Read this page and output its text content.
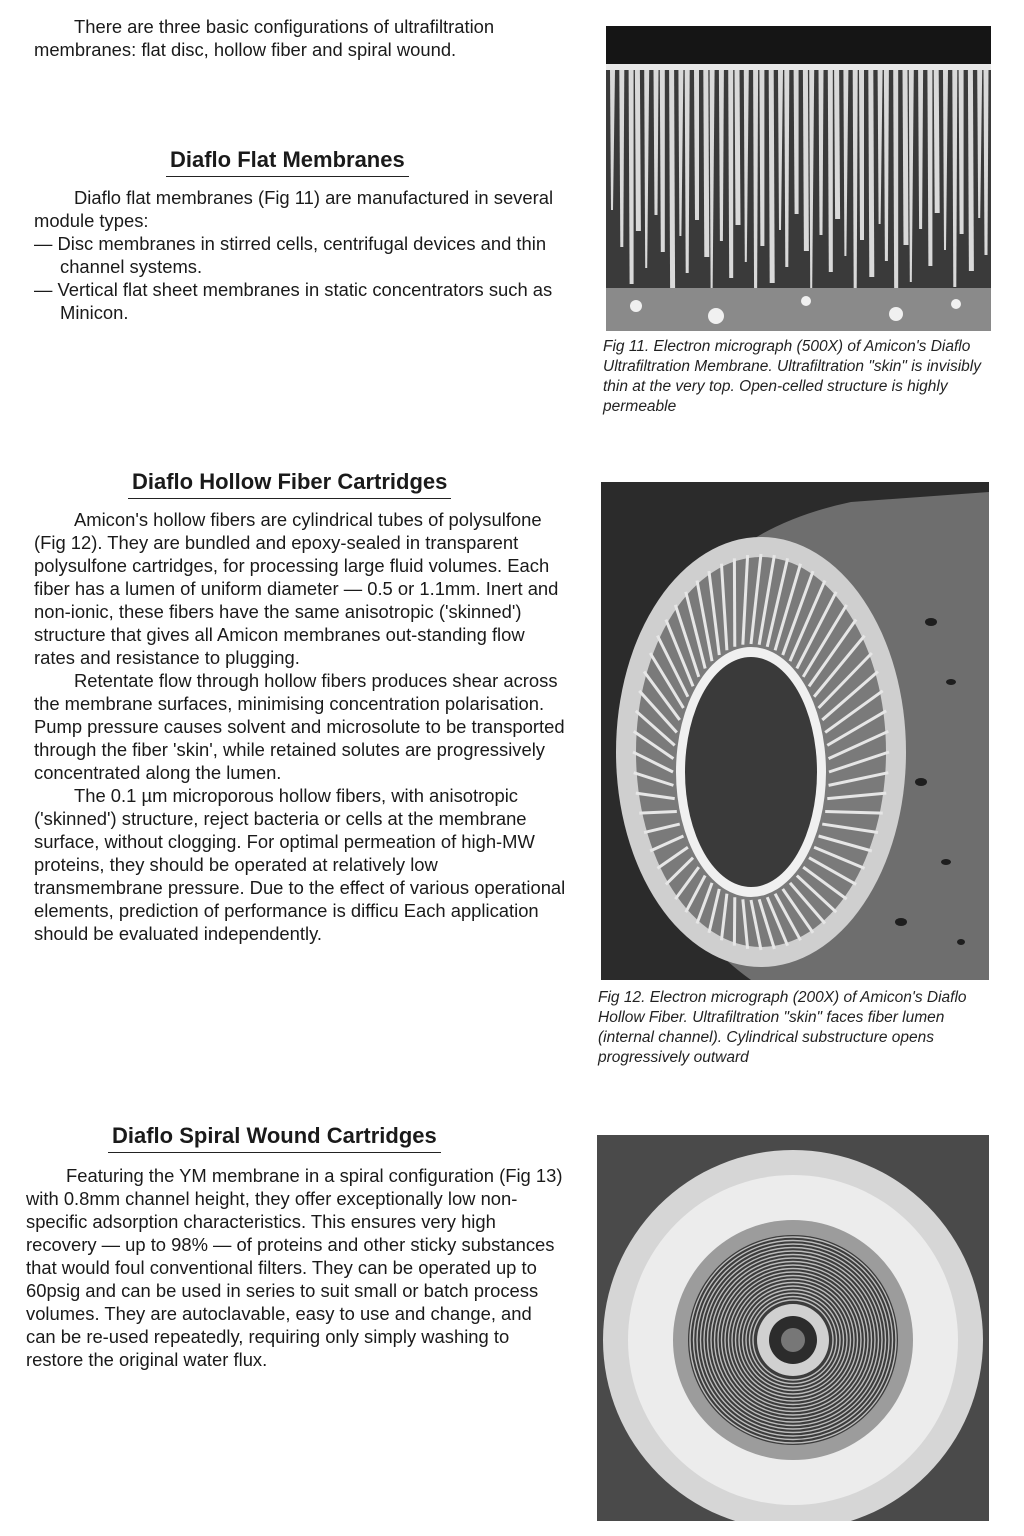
There are three basic configurations of ultrafiltration membranes: flat disc, hollow fiber and spiral wound.

Diaflo Flat Membranes

Diaflo flat membranes (Fig 11) are manufactured in several module types:

— Disc membranes in stirred cells, centrifugal devices and thin channel systems.

— Vertical flat sheet membranes in static concentrators such as Minicon.

Fig 11. Electron micrograph (500X) of Amicon's Diaflo Ultrafiltration Membrane. Ultrafiltration "skin" is invisibly thin at the very top. Open-celled structure is highly permeable
Diaflo Hollow Fiber Cartridges

Amicon's hollow fibers are cylindrical tubes of polysulfone (Fig 12). They are bundled and epoxy-sealed in transparent polysulfone cartridges, for processing large fluid volumes. Each fiber has a lumen of uniform diameter — 0.5 or 1.1mm. Inert and non-ionic, these fibers have the same anisotropic ('skinned') structure that gives all Amicon membranes out-standing flow rates and resistance to plugging.

Retentate flow through hollow fibers produces shear across the membrane surfaces, minimising concentration polarisation. Pump pressure causes solvent and microsolute to be transported through the fiber 'skin', while retained solutes are progressively concentrated along the lumen.

The 0.1 µm microporous hollow fibers, with anisotropic ('skinned') structure, reject bacteria or cells at the membrane surface, without clogging. For optimal permeation of high-MW proteins, they should be operated at relatively low transmembrane pressure. Due to the effect of various operational elements, prediction of performance is difficu Each application should be evaluated independently.

Fig 12. Electron micrograph (200X) of Amicon's Diaflo Hollow Fiber. Ultrafiltration "skin" faces fiber lumen (internal channel). Cylindrical substructure opens progressively outward
Diaflo Spiral Wound Cartridges

Featuring the YM membrane in a spiral configuration (Fig 13) with 0.8mm channel height, they offer exceptionally low non-specific adsorption characteristics. This ensures very high recovery — up to 98% — of proteins and other sticky substances that would foul conventional filters. They can be operated up to 60psig and can be used in series to suit small or batch process volumes. They are autoclavable, easy to use and change, and can be re-used repeatedly, requiring only simply washing to restore the original water flux.
